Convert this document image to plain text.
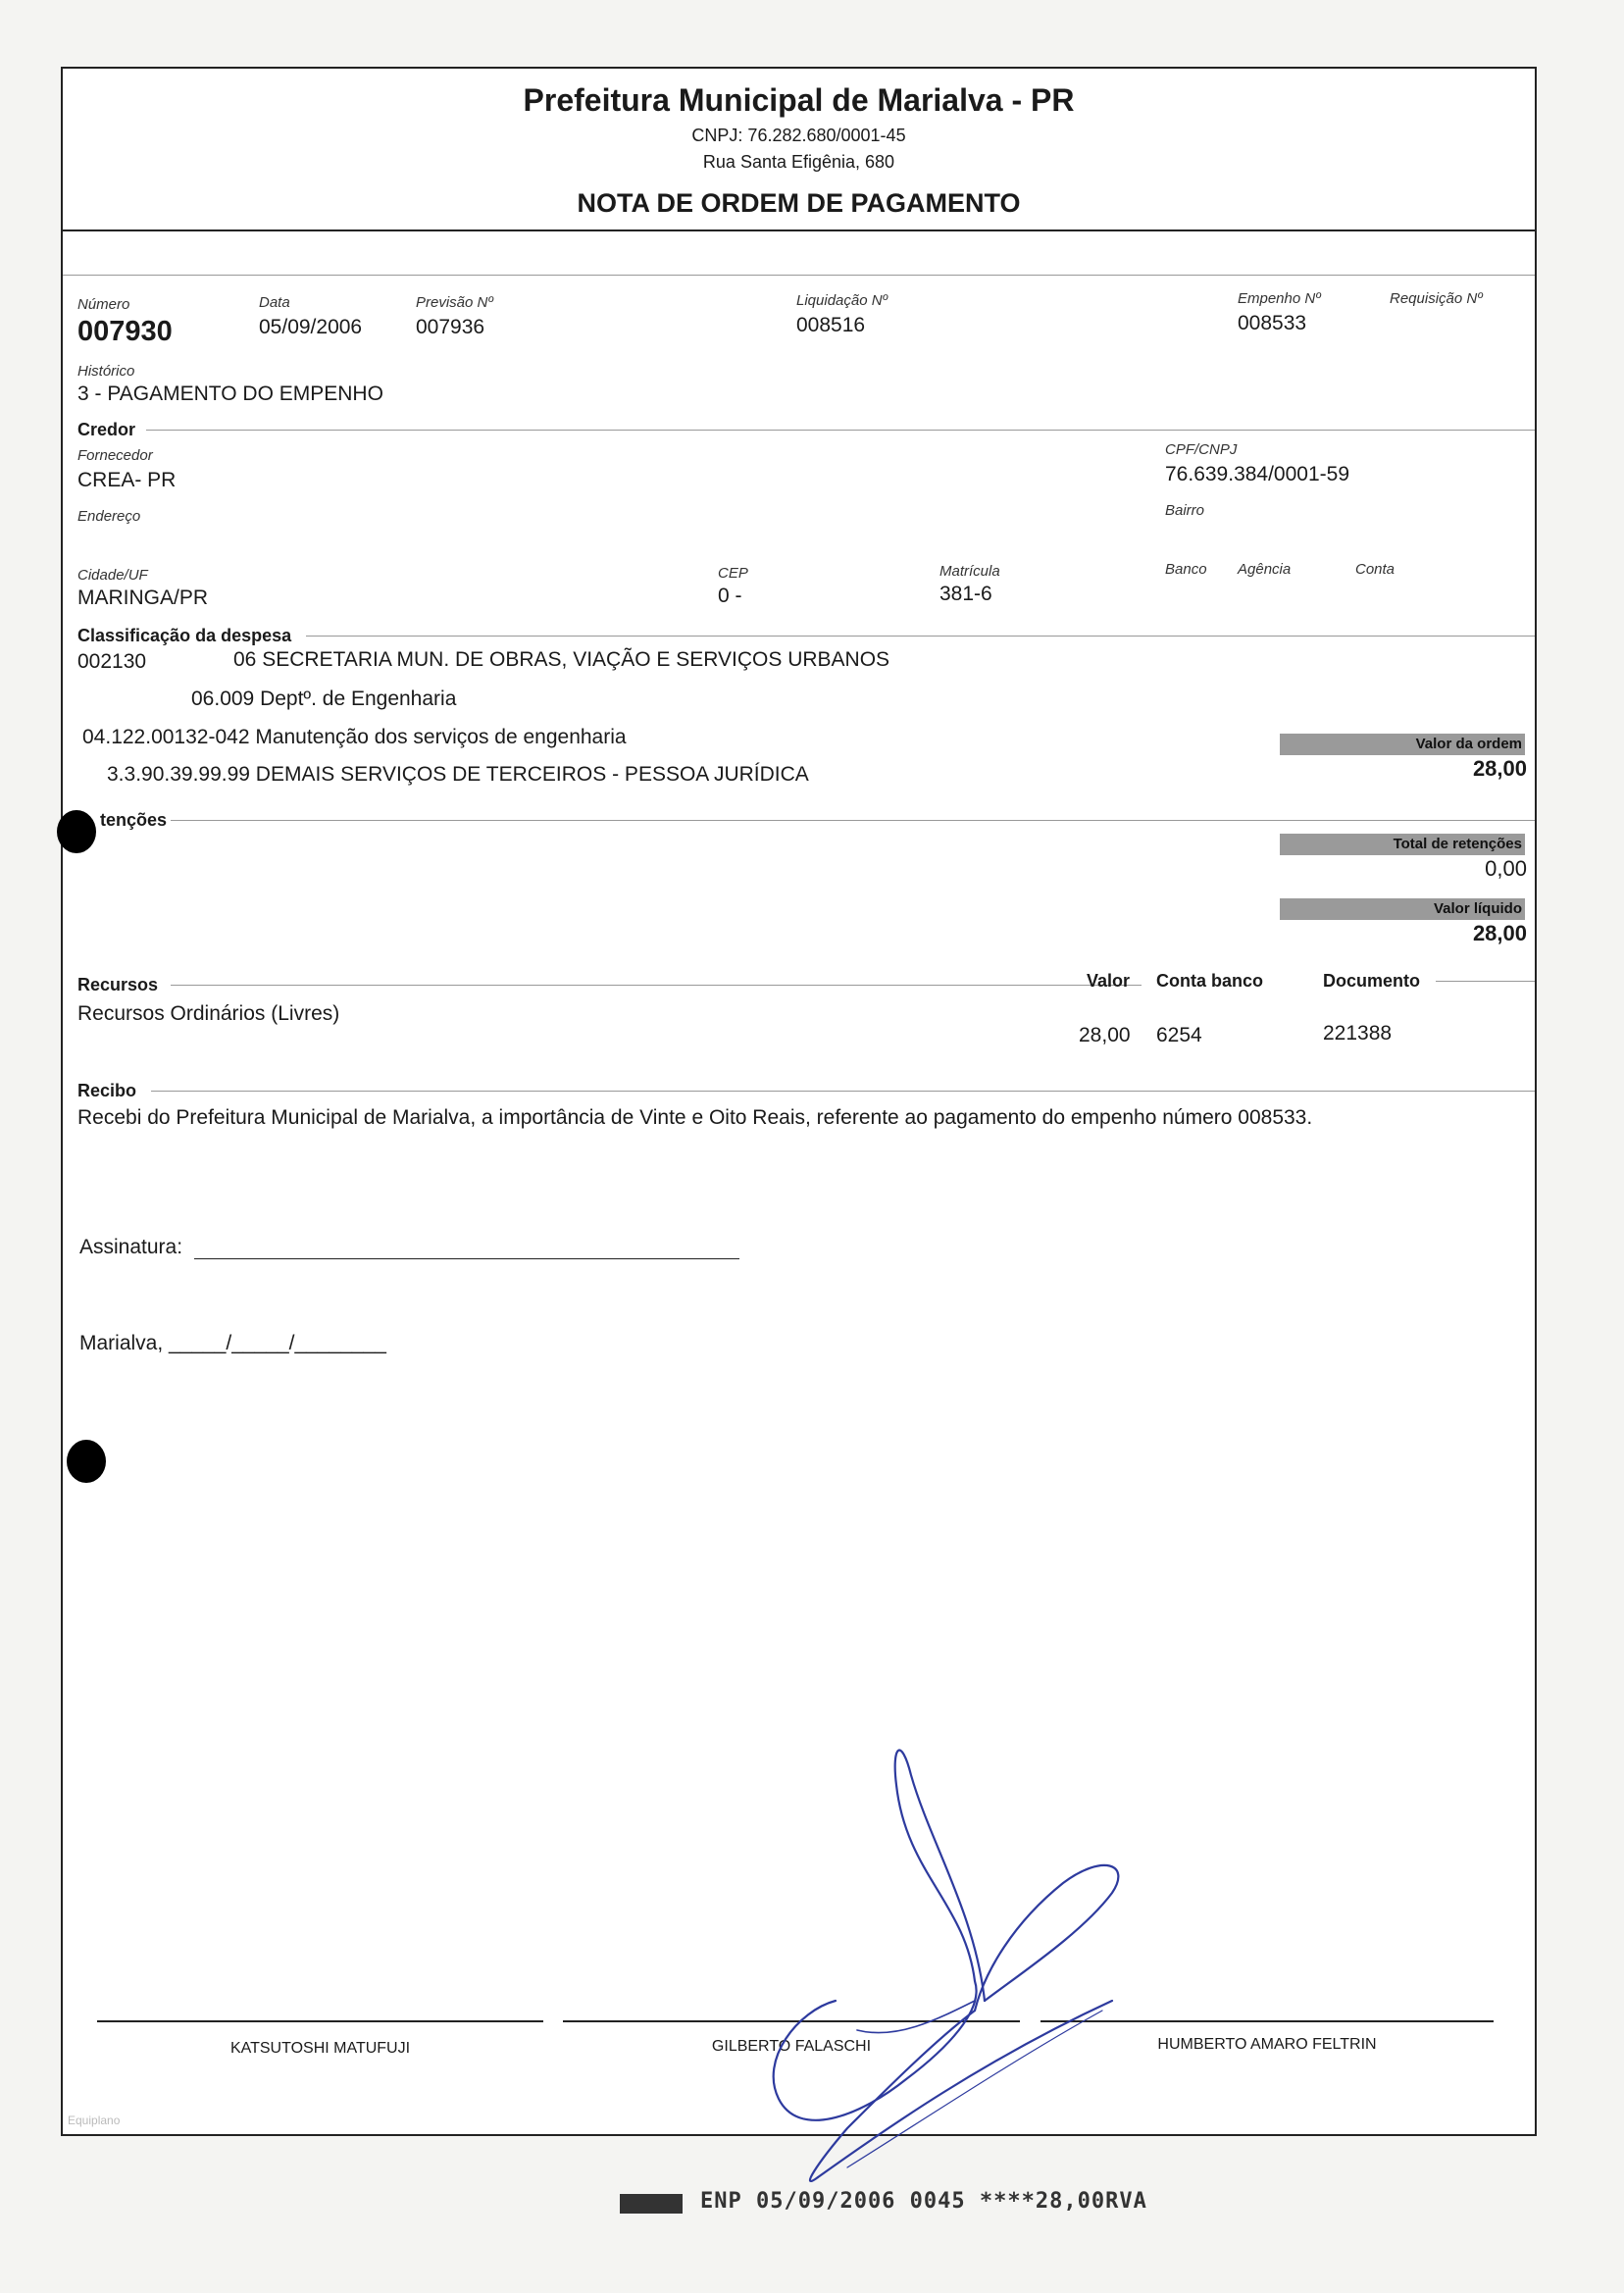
Prefeitura Municipal de Marialva - PR
CNPJ: 76.282.680/0001-45
Rua Santa Efigênia, 680
NOTA DE ORDEM DE PAGAMENTO
Número
007930
Data
05/09/2006
Previsão Nº
007936
Liquidação Nº
008516
Empenho Nº
008533
Requisição Nº
Histórico
3 - PAGAMENTO DO EMPENHO
Credor
Fornecedor
CREA- PR
CPF/CNPJ
76.639.384/0001-59
Endereço	Bairro
Cidade/UF
MARINGA/PR
CEP
0 -
Matrícula
381-6
Banco Agência	Conta
Classificação da despesa
002130	06 SECRETARIA MUN. DE OBRAS, VIAÇÃO E SERVIÇOS URBANOS
06.009 Deptº. de Engenharia
04.122.00132-042 Manutenção dos serviços de engenharia
3.3.90.39.99.99 DEMAIS SERVIÇOS DE TERCEIROS - PESSOA JURÍDICA
Valor da ordem
28,00
tenções
Total de retenções
0,00
Valor líquido
28,00
Recursos	Valor Conta banco	Documento
Recursos Ordinários (Livres)
28,00 6254	221388
Recibo
Recebi do Prefeitura Municipal de Marialva, a importância de Vinte e Oito Reais, referente ao pagamento do empenho número 008533.
Assinatura:
Marialva, _____/_____/________
KATSUTOSHI MATUFUJI	GILBERTO FALASCHI	HUMBERTO AMARO FELTRIN
Equiplano
ENP 05/09/2006 0045 ****28,00RVA
